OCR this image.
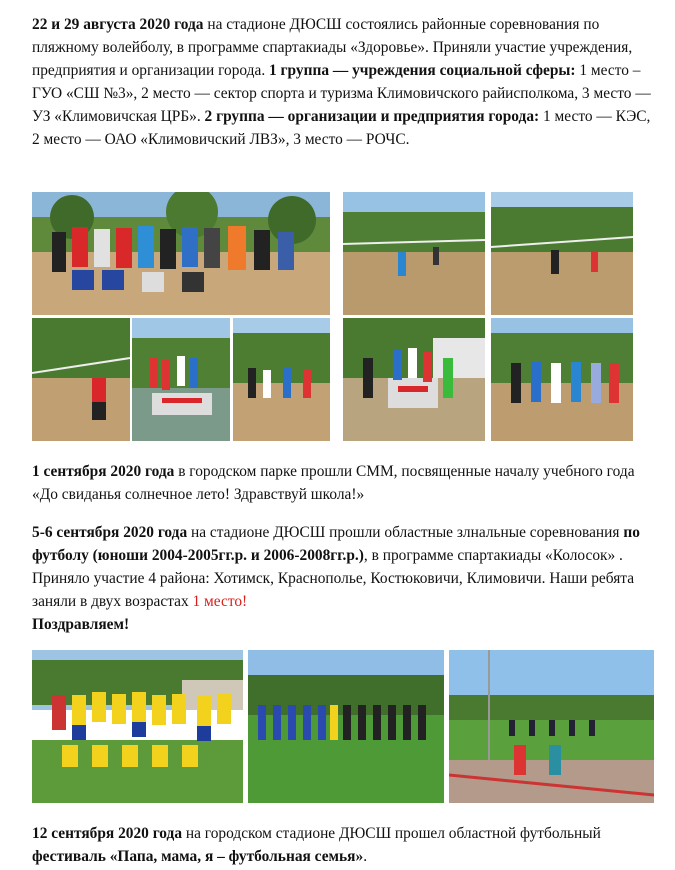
22 и 29 августа 2020 года на стадионе ДЮСШ состоялись районные соревнования по пляжному волейболу, в программе спартакиады «Здоровье». Приняли участие учреждения, предприятия и организации города. 1 группа — учреждения социальной сферы: 1 место – ГУО «СШ №3», 2 место — сектор спорта и туризма Климовичского райисполкома, 3 место —УЗ «Климовичская ЦРБ». 2 группа — организации и предприятия города: 1 место — КЭС, 2 место — ОАО «Климовичский ЛВЗ», 3 место — РОЧС.

1 сентября 2020 года в городском парке прошли СММ, посвященные началу учебного года «До свиданья солнечное лето! Здравствуй школа!»

5-6 сентября 2020 года на стадионе ДЮСШ прошли областные злнальные соревнования по футболу (юноши 2004-2005гг.р. и 2006-2008гг.р.), в программе спартакиады «Колосок» . Приняло участие 4 района: Хотимск, Краснополье, Костюковичи, Климовичи. Наши ребята заняли в двух возрастах 1 место!
Поздравляем!

12 сентября 2020 года на городском стадионе ДЮСШ прошел областной футбольный фестиваль «Папа, мама, я – футбольная семья».
